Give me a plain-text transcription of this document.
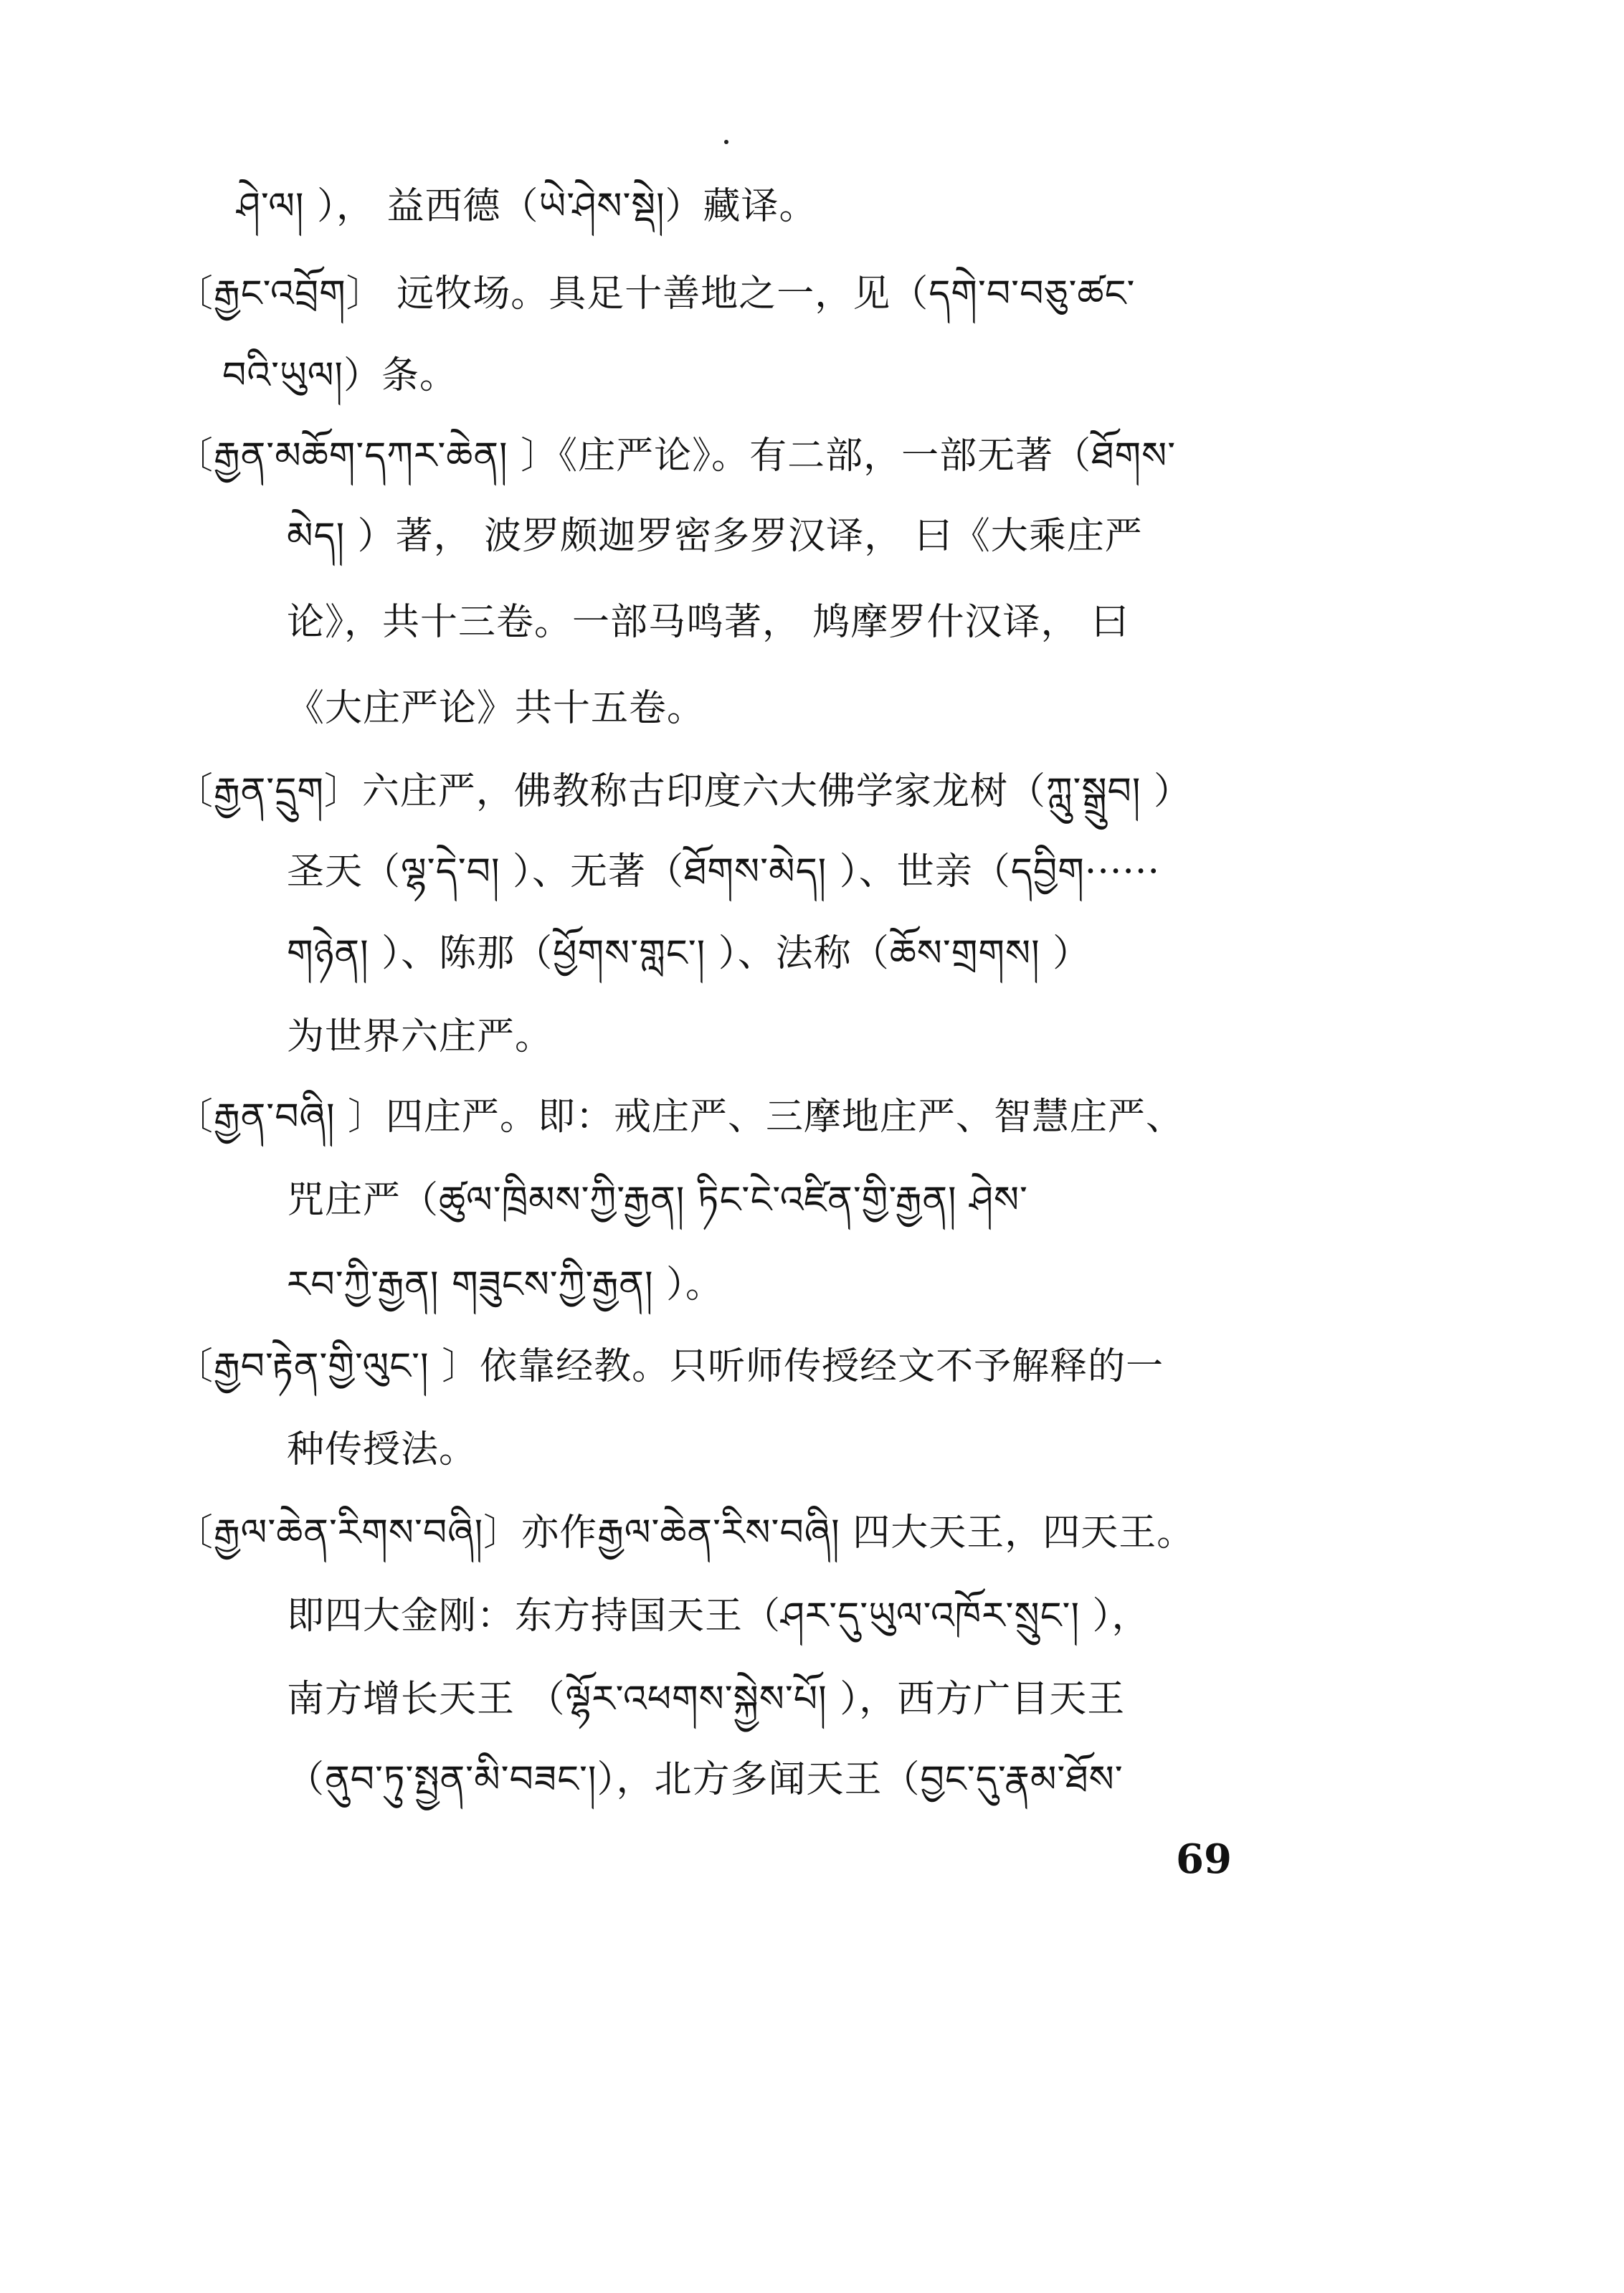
ཤེ་ལ། ）， 益西德（ཡེ་ཤེས་སྡེ།）藏译。
〔རྒྱང་འབྲོག〕 远牧场。具足十善地之一，见（དགེ་བ་བཅུ་ཚང་
བའི་ཡུལ།）条。
〔རྒྱན་མཆོག་དཀར་ཆེན། 〕《庄严论》。有二部，一部无著（ཐོགས་
མེད། ）著， 波罗颇迦罗密多罗汉译， 曰《大乘庄严
论》，共十三卷。一部马鸣著， 鸠摩罗什汉译， 曰
《大庄严论》共十五卷。
〔རྒྱན་དྲུག〕六庄严，佛教称古印度六大佛学家龙树（ཀླུ་སྒྲུབ། ）
圣天（ལྷ་དེ་བ། ）、无著（ཐོགས་མེད། ）、世亲（དབྱིག······
གཉེན། ）、陈那（ཕྱོགས་གླང་། ）、法称（ཆོས་གྲགས། ）
为世界六庄严。
〔རྒྱན་བཞི། 〕四庄严。即：戒庄严、三摩地庄严、智慧庄严、
咒庄严（ཚུལ་ཁྲིམས་ཀྱི་རྒྱན། ཏིང་ངེ་འཛིན་གྱི་རྒྱན། ཤེས་
རབ་ཀྱི་རྒྱན། གཟུངས་ཀྱི་རྒྱན། ）。
〔རྒྱབ་རྟེན་གྱི་ལུང་། 〕依靠经教。只听师传授经文不予解释的一
种传授法。
〔རྒྱལ་ཆེན་རིགས་བཞི།〕亦作རྒྱལ་ཆེན་རིས་བཞི། 四大天王，四天王。
即四大金刚：东方持国天王（ཤར་དུ་ཡུལ་འཁོར་སྲུང་། ），
南方增长天王 （ལྷོར་འཕགས་སྐྱེས་པོ། ），西方广目天王
（ནུབ་ཏུ་སྤྱན་མི་བཟང་།），北方多闻天王（བྱང་དུ་རྣམ་ཐོས་
69
